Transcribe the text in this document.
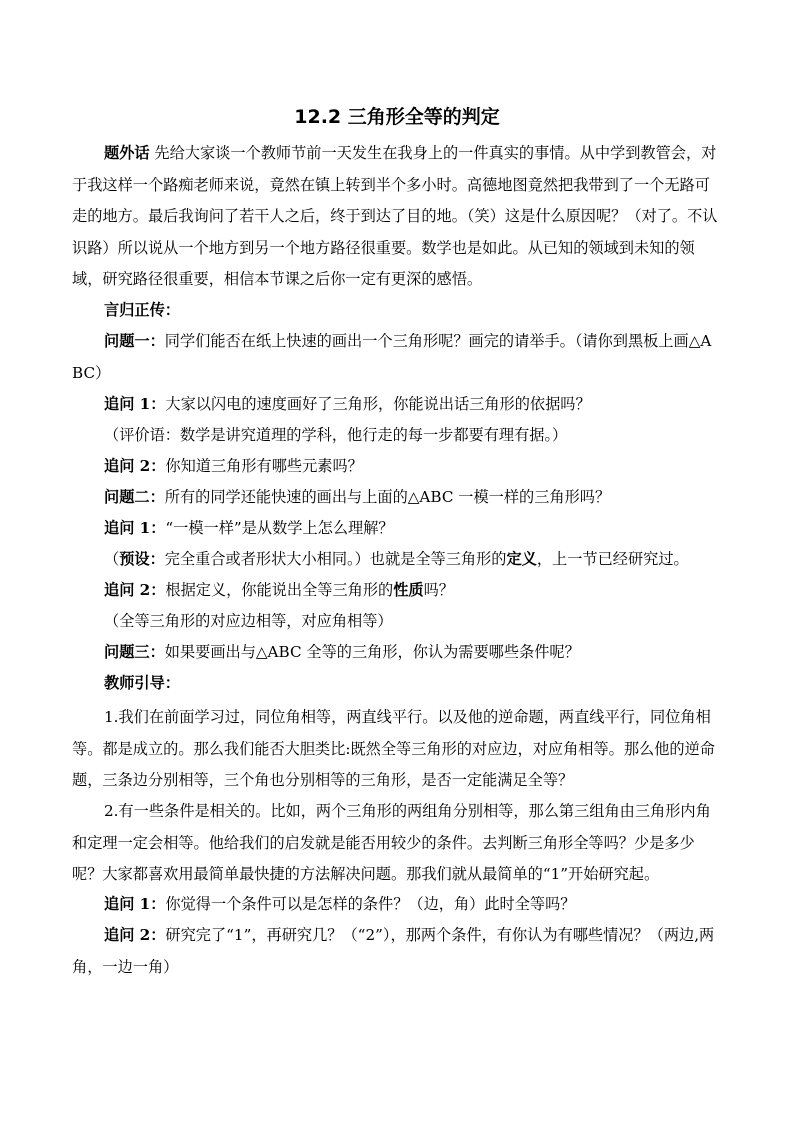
12.2 三角形全等的判定
题外话 先给大家谈一个教师节前一天发生在我身上的一件真实的事情。从中学到教管会，对于我这样一个路痴老师来说，竟然在镇上转到半个多小时。高德地图竟然把我带到了一个无路可走的地方。最后我询问了若干人之后，终于到达了目的地。（笑）这是什么原因呢？（对了。不认识路）所以说从一个地方到另一个地方路径很重要。数学也是如此。从已知的领域到未知的领域，研究路径很重要，相信本节课之后你一定有更深的感悟。
言归正传：
问题一：同学们能否在纸上快速的画出一个三角形呢？画完的请举手。（请你到黑板上画△ABC）
追问 1：大家以闪电的速度画好了三角形，你能说出话三角形的依据吗？
（评价语：数学是讲究道理的学科，他行走的每一步都要有理有据。）
追问 2：你知道三角形有哪些元素吗？
问题二：所有的同学还能快速的画出与上面的△ABC 一模一样的三角形吗？
追问 1：“一模一样”是从数学上怎么理解？
（预设：完全重合或者形状大小相同。）也就是全等三角形的定义，上一节已经研究过。
追问 2：根据定义，你能说出全等三角形的性质吗？
（全等三角形的对应边相等，对应角相等）
问题三：如果要画出与△ABC 全等的三角形，你认为需要哪些条件呢？
教师引导：
1.我们在前面学习过，同位角相等，两直线平行。以及他的逆命题，两直线平行，同位角相等。都是成立的。那么我们能否大胆类比:既然全等三角形的对应边，对应角相等。那么他的逆命题，三条边分别相等，三个角也分别相等的三角形，是否一定能满足全等？
2.有一些条件是相关的。比如，两个三角形的两组角分别相等，那么第三组角由三角形内角和定理一定会相等。他给我们的启发就是能否用较少的条件。去判断三角形全等吗？少是多少呢？大家都喜欢用最简单最快捷的方法解决问题。那我们就从最简单的“1”开始研究起。
追问 1：你觉得一个条件可以是怎样的条件？（边，角）此时全等吗？
追问 2：研究完了“1”，再研究几？（“2”），那两个条件，有你认为有哪些情况？（两边,两角，一边一角）
